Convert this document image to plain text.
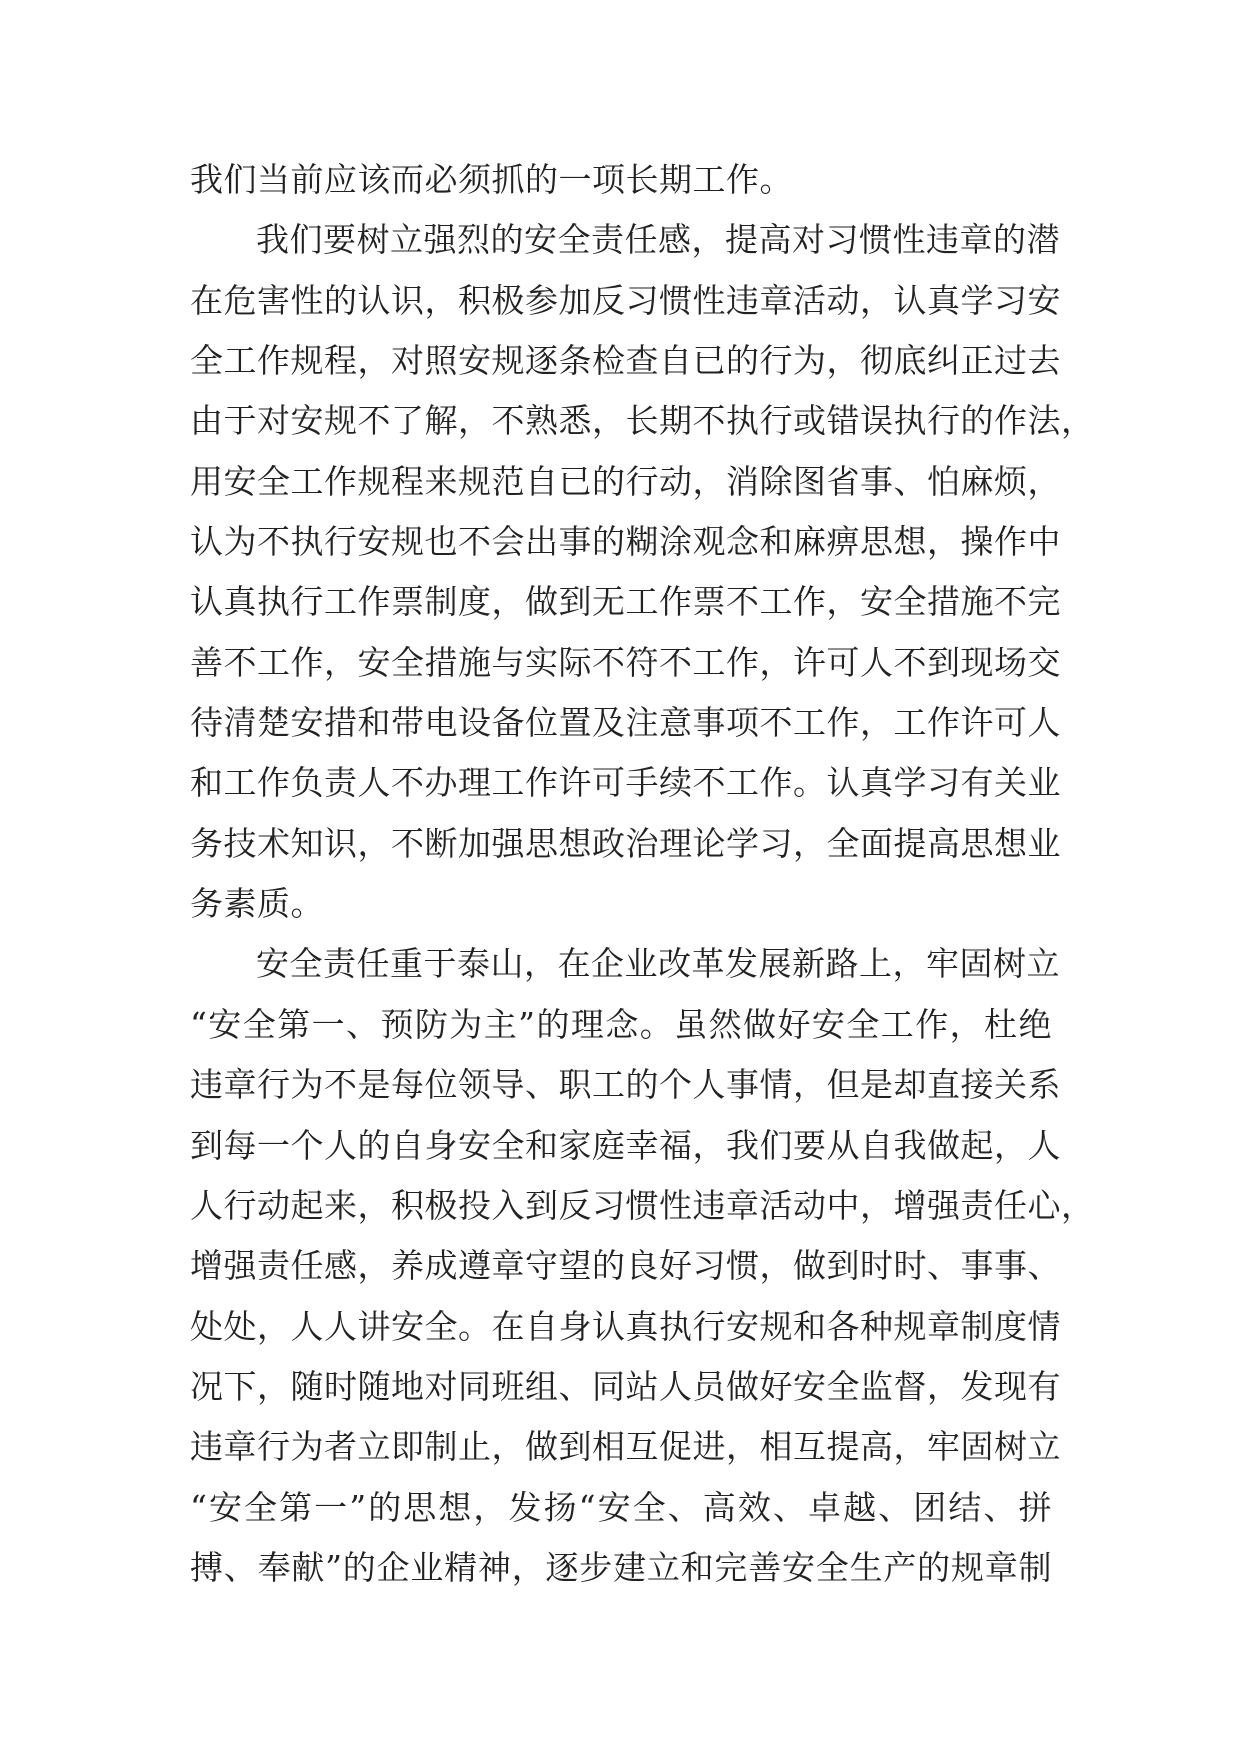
我们当前应该而必须抓的一项长期工作。
我们要树立强烈的安全责任感，提高对习惯性违章的潜
在危害性的认识，积极参加反习惯性违章活动，认真学习安
全工作规程，对照安规逐条检查自已的行为，彻底纠正过去
由于对安规不了解，不熟悉，长期不执行或错误执行的作法，
用安全工作规程来规范自已的行动，消除图省事、怕麻烦，
认为不执行安规也不会出事的糊涂观念和麻痹思想，操作中
认真执行工作票制度，做到无工作票不工作，安全措施不完
善不工作，安全措施与实际不符不工作，许可人不到现场交
待清楚安措和带电设备位置及注意事项不工作，工作许可人
和工作负责人不办理工作许可手续不工作。认真学习有关业
务技术知识，不断加强思想政治理论学习，全面提高思想业
务素质。
安全责任重于泰山，在企业改革发展新路上，牢固树立
“安全第一、预防为主”的理念。虽然做好安全工作，杜绝
违章行为不是每位领导、职工的个人事情，但是却直接关系
到每一个人的自身安全和家庭幸福，我们要从自我做起，人
人行动起来，积极投入到反习惯性违章活动中，增强责任心，
增强责任感，养成遵章守望的良好习惯，做到时时、事事、
处处，人人讲安全。在自身认真执行安规和各种规章制度情
况下，随时随地对同班组、同站人员做好安全监督，发现有
违章行为者立即制止，做到相互促进，相互提高，牢固树立
“安全第一”的思想，发扬“安全、高效、卓越、团结、拼
搏、奉献”的企业精神，逐步建立和完善安全生产的规章制
